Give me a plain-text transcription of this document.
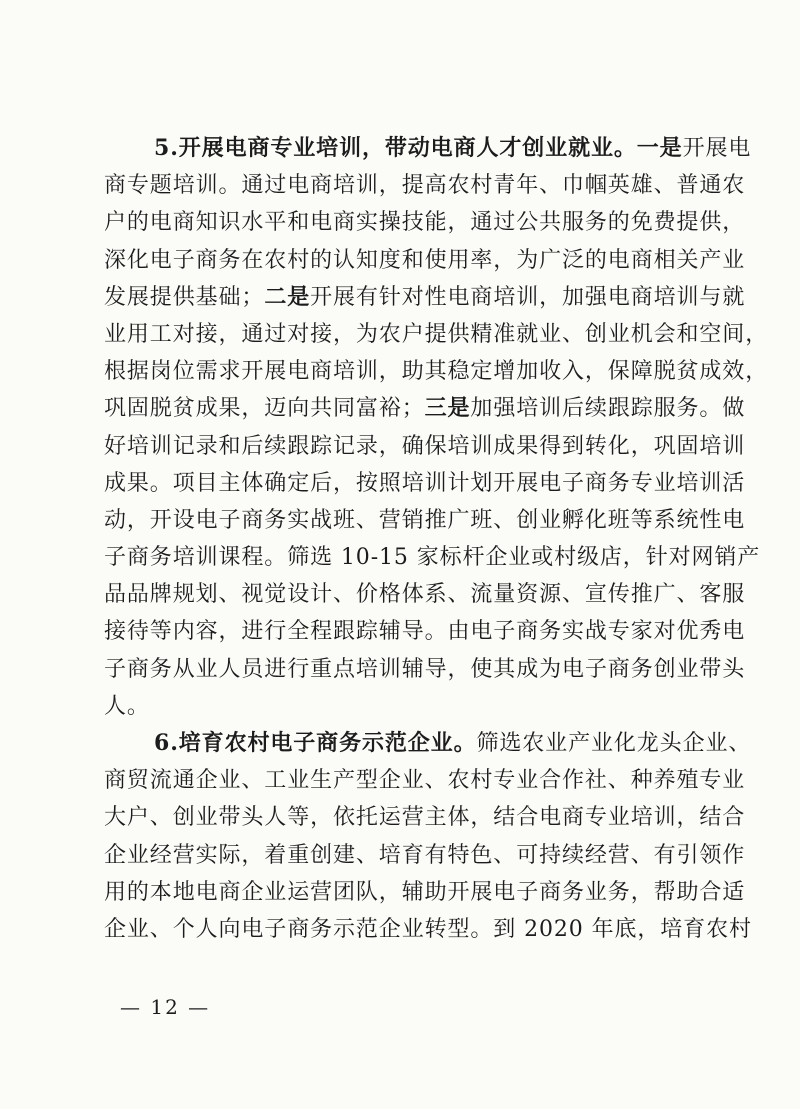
5.开展电商专业培训，带动电商人才创业就业。一是开展电
商专题培训。通过电商培训，提高农村青年、巾帼英雄、普通农
户的电商知识水平和电商实操技能，通过公共服务的免费提供，
深化电子商务在农村的认知度和使用率，为广泛的电商相关产业
发展提供基础；二是开展有针对性电商培训，加强电商培训与就
业用工对接，通过对接，为农户提供精准就业、创业机会和空间，
根据岗位需求开展电商培训，助其稳定增加收入，保障脱贫成效，
巩固脱贫成果，迈向共同富裕；三是加强培训后续跟踪服务。做
好培训记录和后续跟踪记录，确保培训成果得到转化，巩固培训
成果。项目主体确定后，按照培训计划开展电子商务专业培训活
动，开设电子商务实战班、营销推广班、创业孵化班等系统性电
子商务培训课程。筛选 10-15 家标杆企业或村级店，针对网销产
品品牌规划、视觉设计、价格体系、流量资源、宣传推广、客服
接待等内容，进行全程跟踪辅导。由电子商务实战专家对优秀电
子商务从业人员进行重点培训辅导，使其成为电子商务创业带头
人。
6.培育农村电子商务示范企业。筛选农业产业化龙头企业、
商贸流通企业、工业生产型企业、农村专业合作社、种养殖专业
大户、创业带头人等，依托运营主体，结合电商专业培训，结合
企业经营实际，着重创建、培育有特色、可持续经营、有引领作
用的本地电商企业运营团队，辅助开展电子商务业务，帮助合适
企业、个人向电子商务示范企业转型。到 2020 年底，培育农村
— 12 —
